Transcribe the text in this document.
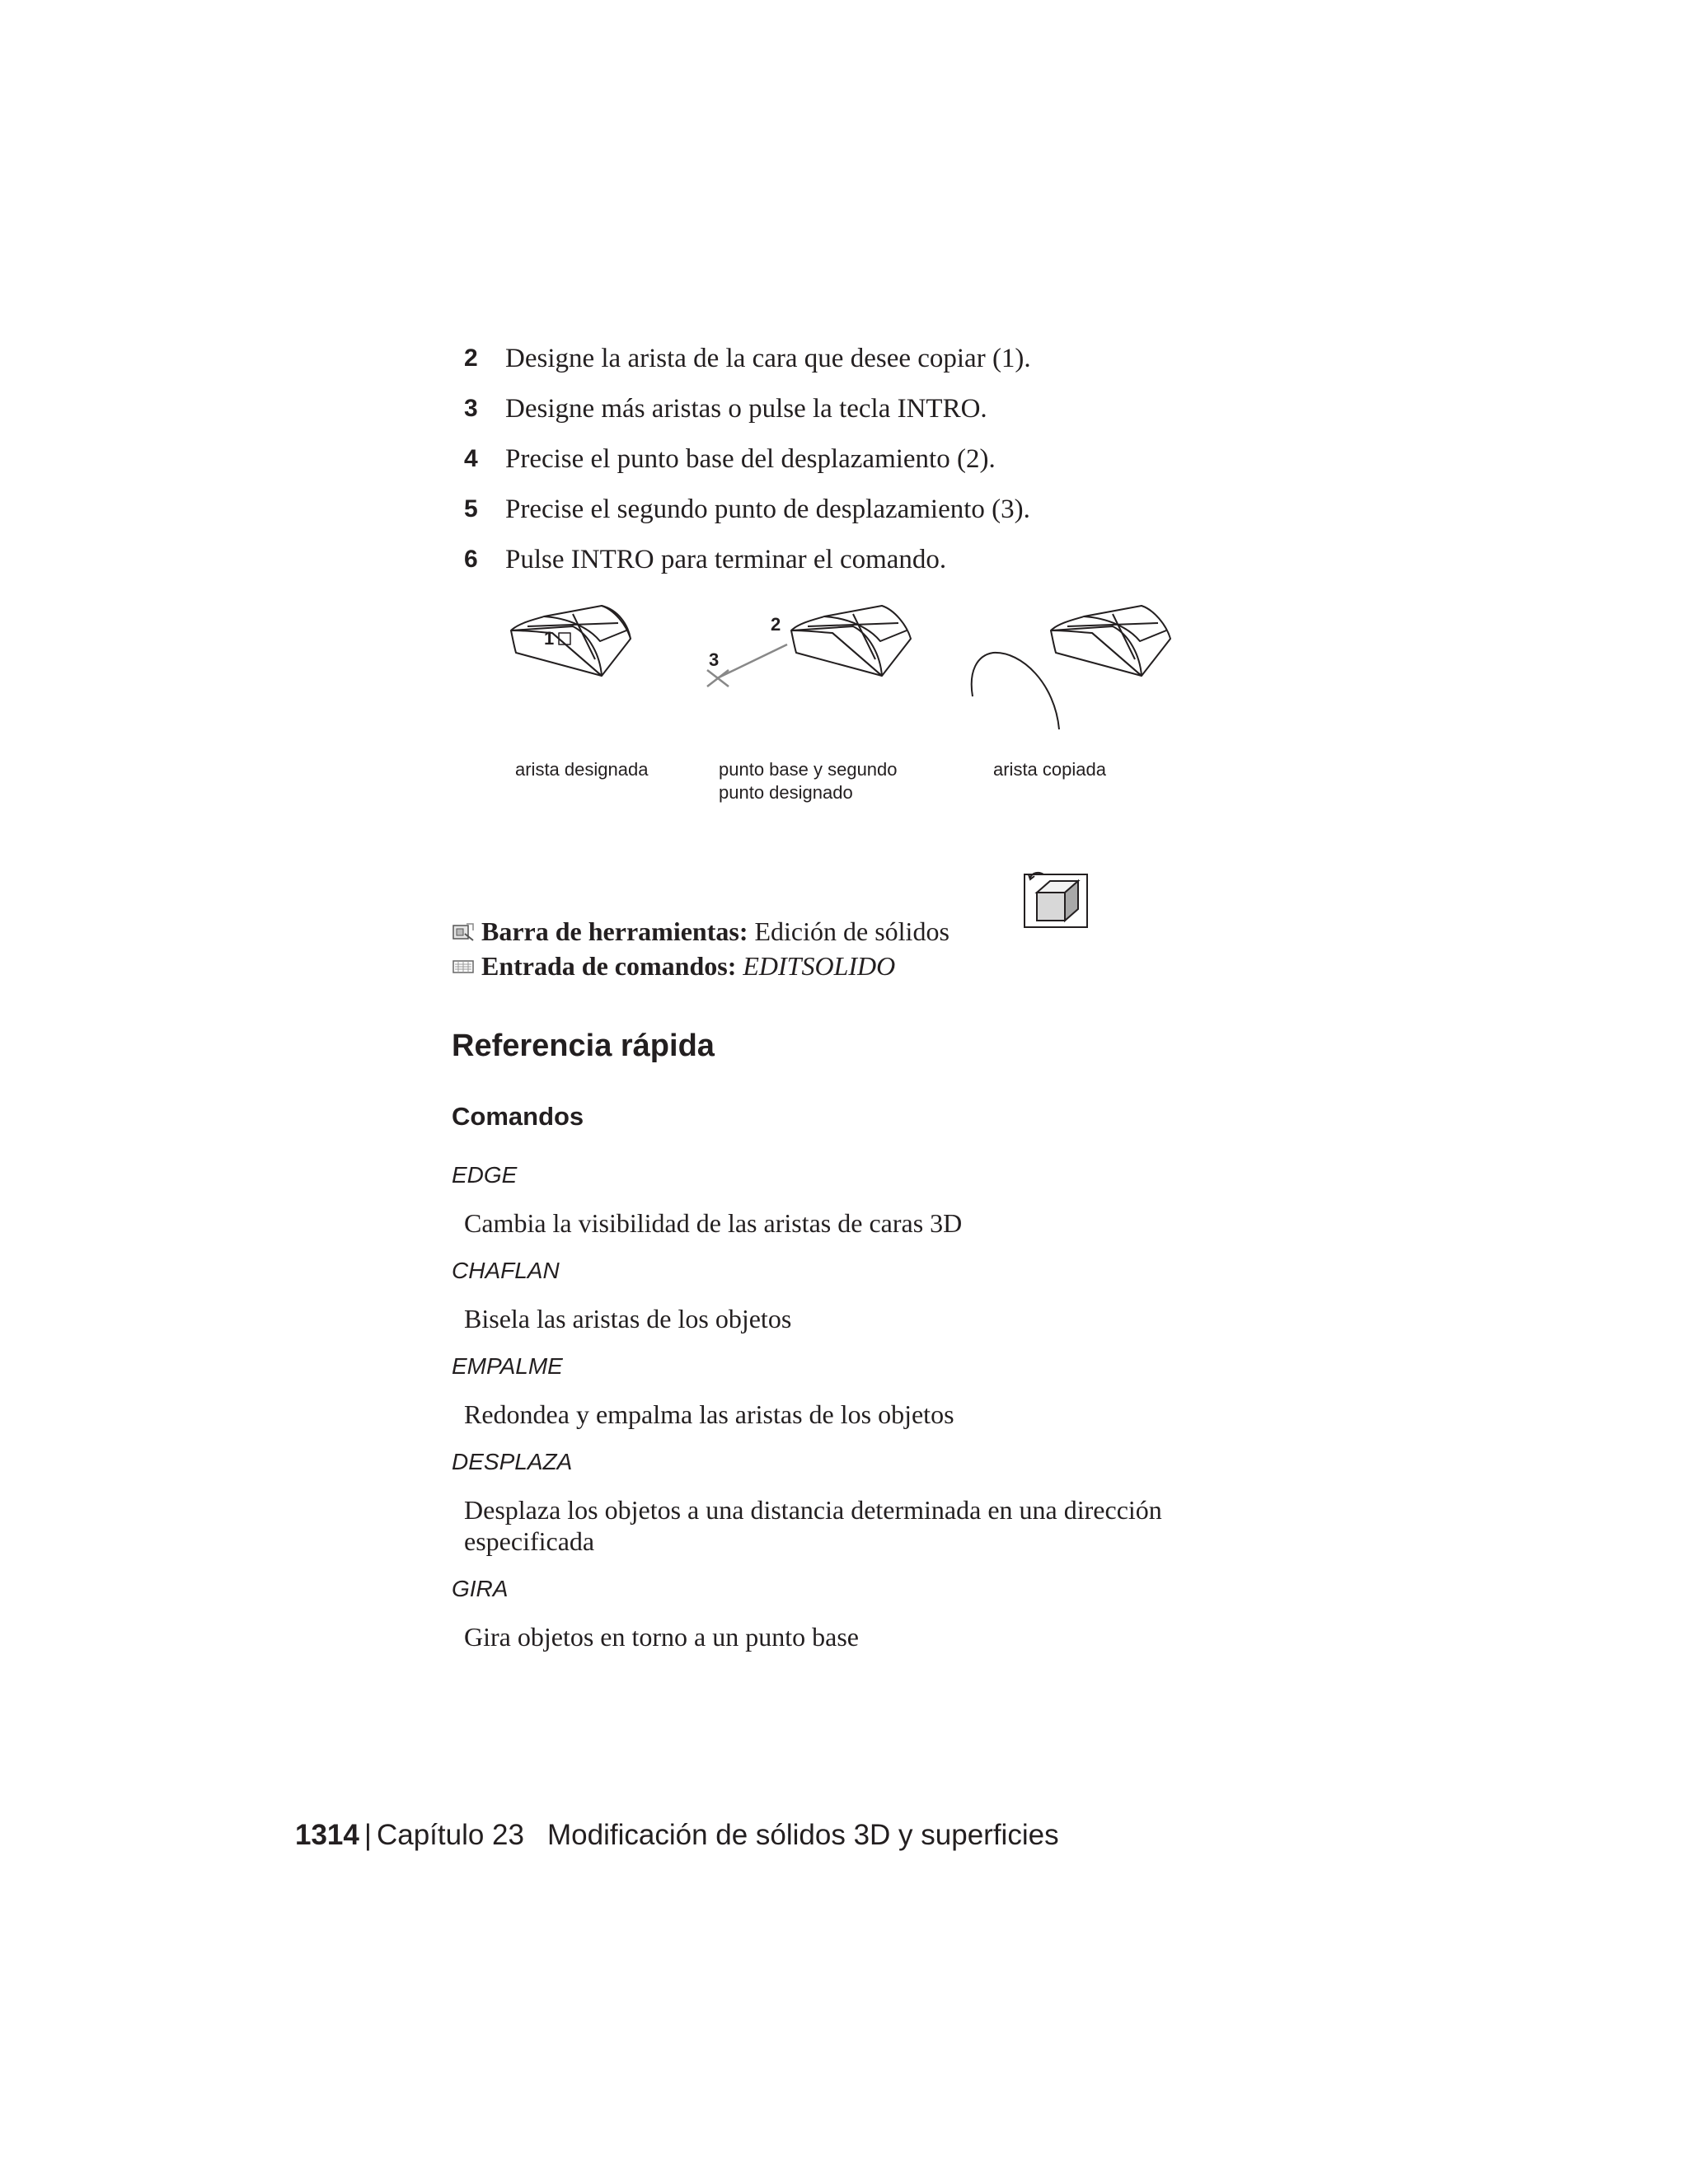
2 Designe la arista de la cara que desee copiar (1).
3 Designe más aristas o pulse la tecla INTRO.
4 Precise el punto base del desplazamiento (2).
5 Precise el segundo punto de desplazamiento (3).
6 Pulse INTRO para terminar el comando.
1
2
3
arista designada	punto base y segundo
punto designado
arista copiada
Barra de herramientas: Edición de sólidos
Entrada de comandos: EDITSOLIDO
Referencia rápida
Comandos
EDGE
Cambia la visibilidad de las aristas de caras 3D
CHAFLAN
Bisela las aristas de los objetos
EMPALME
Redondea y empalma las aristas de los objetos
DESPLAZA
Desplaza los objetos a una distancia determinada en una dirección especificada
GIRA
Gira objetos en torno a un punto base
1314 | Capítulo 23 Modificación de sólidos 3D y superficies
